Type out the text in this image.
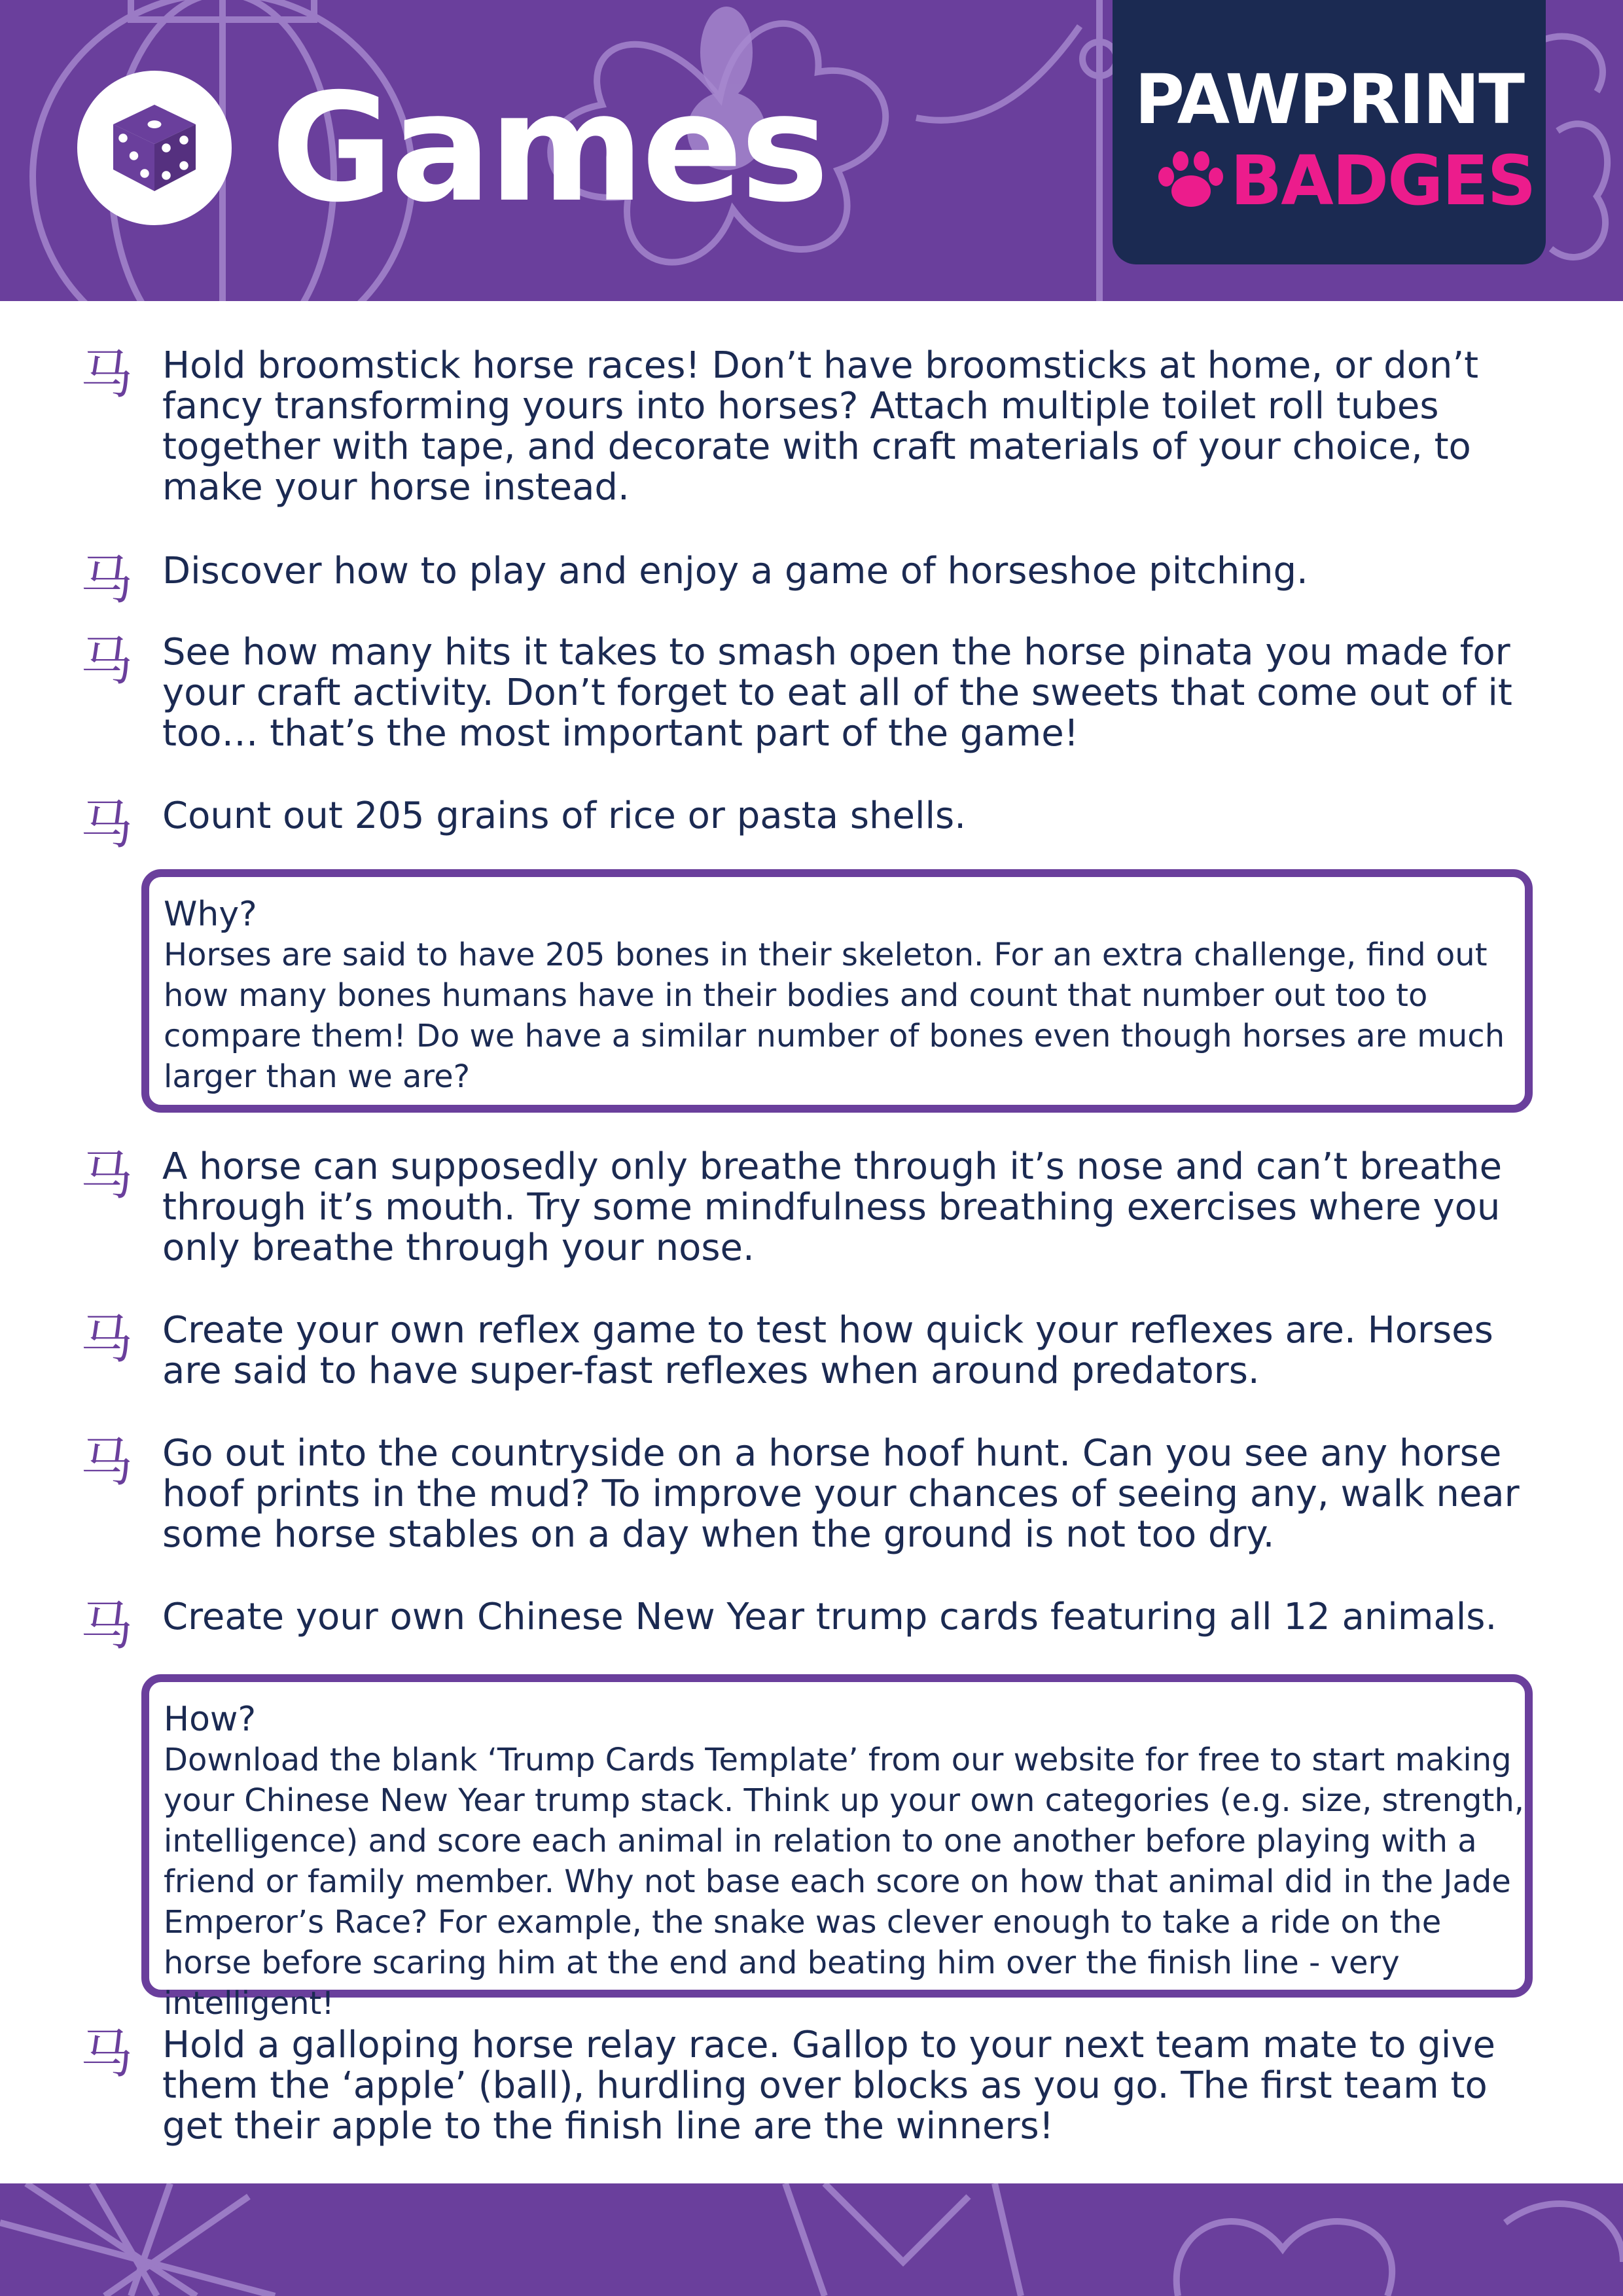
Games	PAWPRINT
BADGES
马 Hold broomstick horse races! Don’t have broomsticks at home, or don’t fancy transforming yours into horses? Attach multiple toilet roll tubes together with tape, and decorate with craft materials of your choice, to make your horse instead.

马 Discover how to play and enjoy a game of horseshoe pitching.

马 See how many hits it takes to smash open the horse pinata you made for your craft activity. Don’t forget to eat all of the sweets that come out of it too… that’s the most important part of the game!

马 Count out 205 grains of rice or pasta shells.

Why?

Horses are said to have 205 bones in their skeleton. For an extra challenge, find out how many bones humans have in their bodies and count that number out too to compare them! Do we have a similar number of bones even though horses are much larger than we are?

马 A horse can supposedly only breathe through it’s nose and can’t breathe through it’s mouth. Try some mindfulness breathing exercises where you only breathe through your nose.

马 Create your own reflex game to test how quick your reflexes are. Horses are said to have super-fast reflexes when around predators.

马 Go out into the countryside on a horse hoof hunt. Can you see any horse hoof prints in the mud? To improve your chances of seeing any, walk near some horse stables on a day when the ground is not too dry.

马 Create your own Chinese New Year trump cards featuring all 12 animals.

How?

Download the blank ‘Trump Cards Template’ from our website for free to start making your Chinese New Year trump stack. Think up your own categories (e.g. size, strength, intelligence) and score each animal in relation to one another before playing with a friend or family member. Why not base each score on how that animal did in the Jade Emperor’s Race? For example, the snake was clever enough to take a ride on the horse before scaring him at the end and beating him over the finish line - very intelligent!

马 Hold a galloping horse relay race. Gallop to your next team mate to give them the ‘apple’ (ball), hurdling over blocks as you go. The first team to get their apple to the finish line are the winners!
